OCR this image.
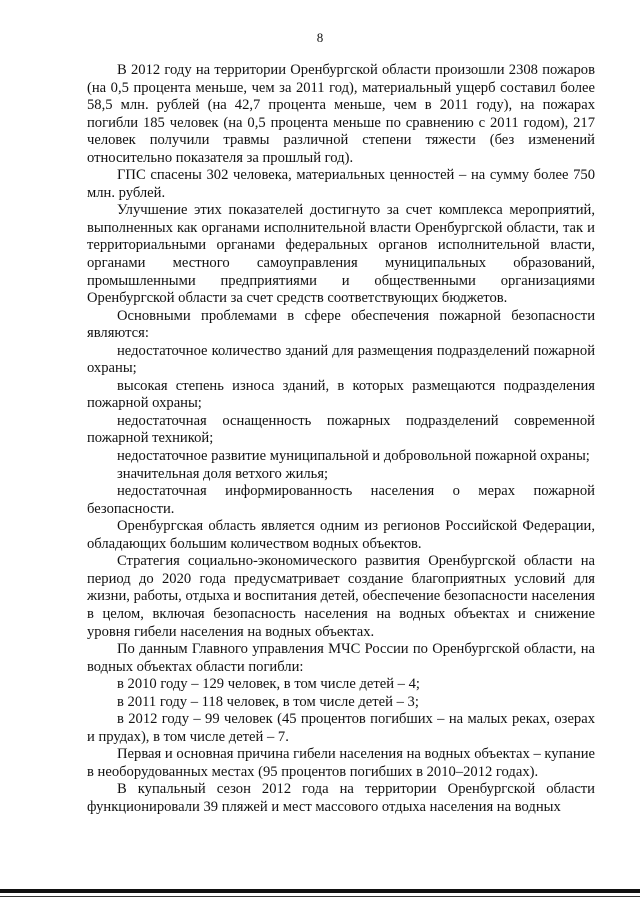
8

В 2012 году на территории Оренбургской области произошли 2308 пожаров (на 0,5 процента меньше, чем за 2011 год), материальный ущерб составил более 58,5 млн. рублей (на 42,7 процента меньше, чем в 2011 году), на пожарах погибли 185 человек (на 0,5 процента меньше по сравнению с 2011 годом), 217 человек получили травмы различной степени тяжести (без изменений относительно показателя за прошлый год).

ГПС спасены 302 человека, материальных ценностей – на сумму более 750 млн. рублей.

Улучшение этих показателей достигнуто за счет комплекса мероприятий, выполненных как органами исполнительной власти Оренбургской области, так и территориальными органами федеральных органов исполнительной власти, органами местного самоуправления муниципальных образований, промышленными предприятиями и общественными организациями Оренбургской области за счет средств соответствующих бюджетов.

Основными проблемами в сфере обеспечения пожарной безопасности являются:

недостаточное количество зданий для размещения подразделений пожарной охраны;

высокая степень износа зданий, в которых размещаются подразделения пожарной охраны;

недостаточная оснащенность пожарных подразделений современной пожарной техникой;

недостаточное развитие муниципальной и добровольной пожарной охраны;

значительная доля ветхого жилья;

недостаточная информированность населения о мерах пожарной безопасности.

Оренбургская область является одним из регионов Российской Федерации, обладающих большим количеством водных объектов.

Стратегия социально-экономического развития Оренбургской области на период до 2020 года предусматривает создание благоприятных условий для жизни, работы, отдыха и воспитания детей, обеспечение безопасности населения в целом, включая безопасность населения на водных объектах и снижение уровня гибели населения на водных объектах.

По данным Главного управления МЧС России по Оренбургской области, на водных объектах области погибли:

в 2010 году – 129 человек, в том числе детей – 4;

в 2011 году – 118 человек, в том числе детей – 3;

в 2012 году – 99 человек (45 процентов погибших – на малых реках, озерах и прудах), в том числе детей – 7.

Первая и основная причина гибели населения на водных объектах – купание в необорудованных местах (95 процентов погибших в 2010–2012 годах).

В купальный сезон 2012 года на территории Оренбургской области функционировали 39 пляжей и мест массового отдыха населения на водных
